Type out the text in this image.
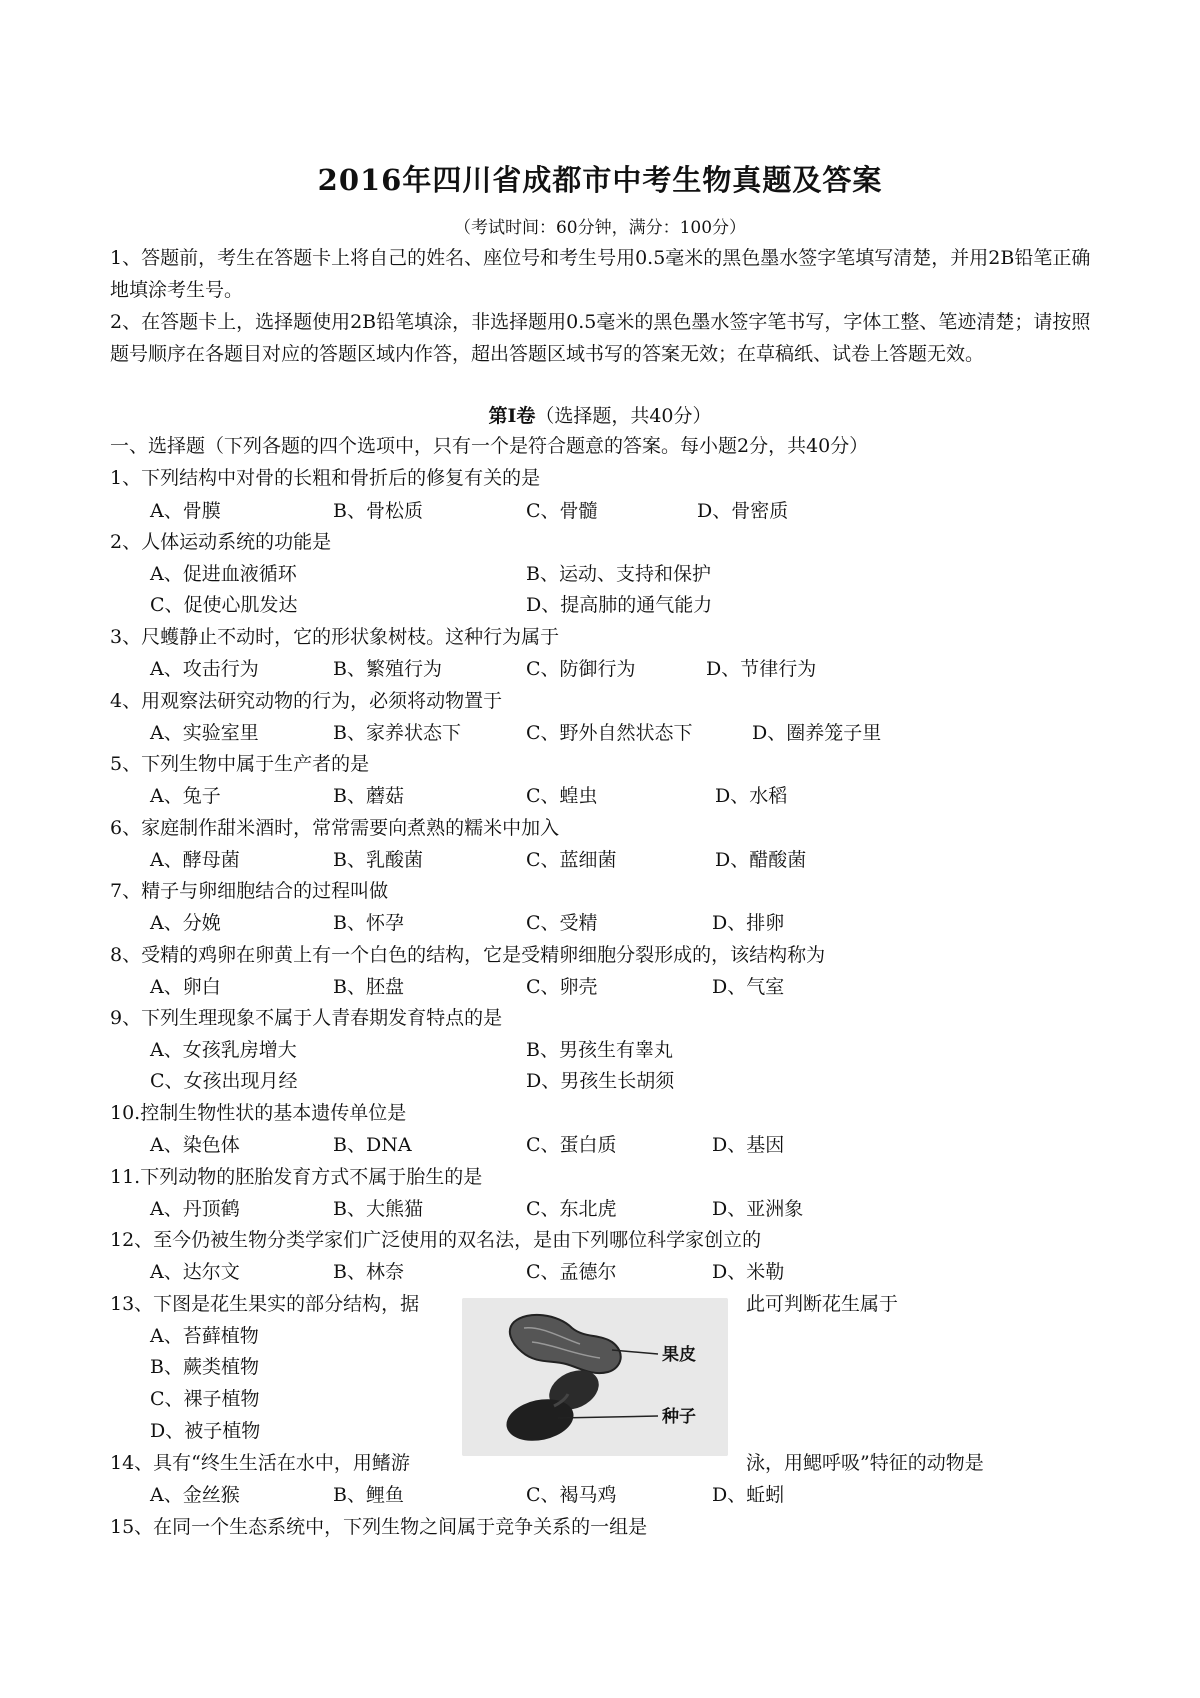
2016年四川省成都市中考生物真题及答案
（考试时间：60分钟，满分：100分）
1、答题前，考生在答题卡上将自己的姓名、座位号和考生号用0.5毫米的黑色墨水签字笔填写清楚，并用2B铅笔正确地填涂考生号。
2、在答题卡上，选择题使用2B铅笔填涂，非选择题用0.5毫米的黑色墨水签字笔书写，字体工整、笔迹清楚；请按照题号顺序在各题目对应的答题区域内作答，超出答题区域书写的答案无效；在草稿纸、试卷上答题无效。
第Ⅰ卷（选择题，共40分）
一、选择题（下列各题的四个选项中，只有一个是符合题意的答案。每小题2分，共40分）
1、下列结构中对骨的长粗和骨折后的修复有关的是
A、骨膜	B、骨松质	C、骨髓	D、骨密质
2、人体运动系统的功能是
A、促进血液循环	B、运动、支持和保护
C、促使心肌发达	D、提高肺的通气能力
3、尺蠖静止不动时，它的形状象树枝。这种行为属于
A、攻击行为	B、繁殖行为	C、防御行为	D、节律行为
4、用观察法研究动物的行为，必须将动物置于
A、实验室里	B、家养状态下	C、野外自然状态下	D、圈养笼子里
5、下列生物中属于生产者的是
A、兔子	B、蘑菇	C、蝗虫	D、水稻
6、家庭制作甜米酒时，常常需要向煮熟的糯米中加入
A、酵母菌	B、乳酸菌	C、蓝细菌	D、醋酸菌
7、精子与卵细胞结合的过程叫做
A、分娩	B、怀孕	C、受精	D、排卵
8、受精的鸡卵在卵黄上有一个白色的结构，它是受精卵细胞分裂形成的，该结构称为
A、卵白	B、胚盘	C、卵壳	D、气室
9、下列生理现象不属于人青春期发育特点的是
A、女孩乳房增大	B、男孩生有睾丸
C、女孩出现月经	D、男孩生长胡须
10.控制生物性状的基本遗传单位是
A、染色体	B、DNA	C、蛋白质	D、基因
11.下列动物的胚胎发育方式不属于胎生的是
A、丹顶鹤	B、大熊猫	C、东北虎	D、亚洲象
12、至今仍被生物分类学家们广泛使用的双名法，是由下列哪位科学家创立的
A、达尔文	B、林奈	C、孟德尔	D、米勒
13、下图是花生果实的部分结构，据	此可判断花生属于
A、苔藓植物
B、蕨类植物
C、裸子植物
D、被子植物
果皮
种子
14、具有“终生生活在水中，用鳍游	泳，用鳃呼吸”特征的动物是
A、金丝猴	B、鲤鱼	C、褐马鸡	D、蚯蚓
15、在同一个生态系统中，下列生物之间属于竞争关系的一组是
